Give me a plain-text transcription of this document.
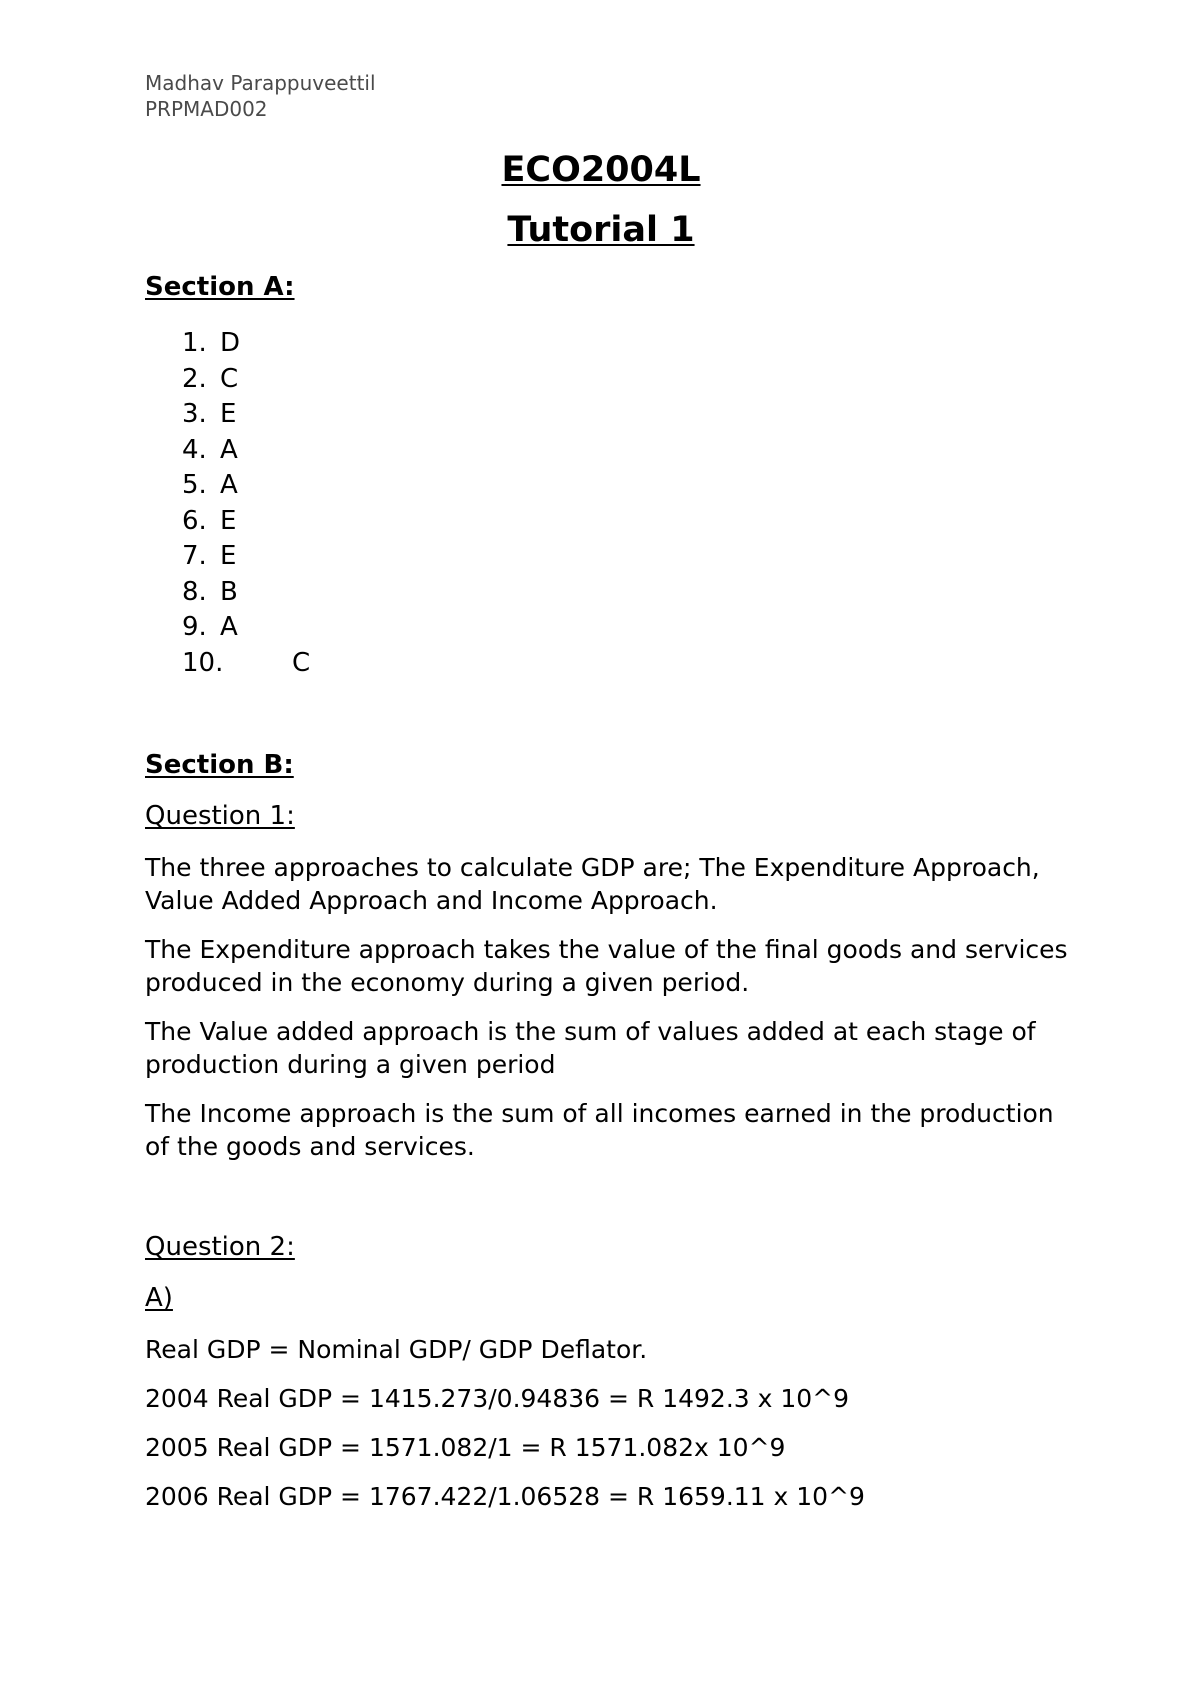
Madhav Parappuveettil
PRPMAD002
ECO2004L
Tutorial 1
Section A:
1. D
2. C
3. E
4. A
5. A
6. E
7. E
8. B
9. A
10.	C
Section B:
Question 1:

The three approaches to calculate GDP are; The Expenditure Approach, Value Added Approach and Income Approach.

The Expenditure approach takes the value of the final goods and services produced in the economy during a given period.

The Value added approach is the sum of values added at each stage of production during a given period

The Income approach is the sum of all incomes earned in the production of the goods and services.

Question 2:
A)
Real GDP = Nominal GDP/ GDP Deflator.
2004 Real GDP = 1415.273/0.94836 = R 1492.3 x 10^9
2005 Real GDP = 1571.082/1 = R 1571.082x 10^9
2006 Real GDP = 1767.422/1.06528 = R 1659.11 x 10^9
